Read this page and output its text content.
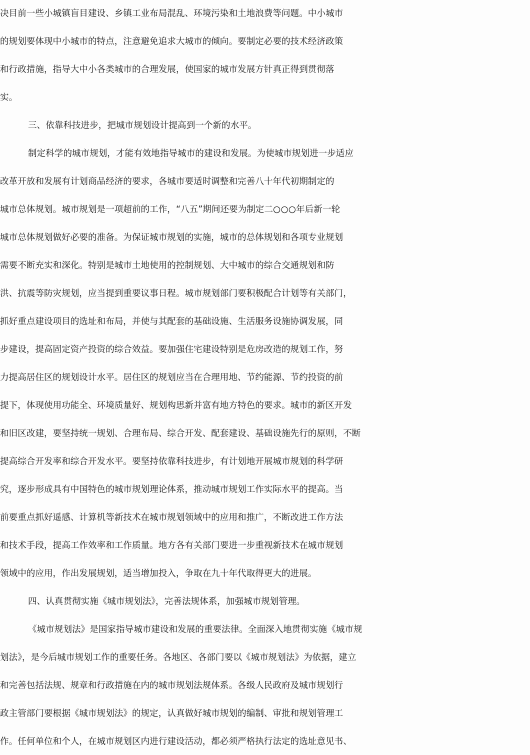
决目前一些小城镇盲目建设、乡镇工业布局混乱、环境污染和土地浪费等问题。中小城市
的规划要体现中小城市的特点，注意避免追求大城市的倾向。要制定必要的技术经济政策
和行政措施，指导大中小各类城市的合理发展，使国家的城市发展方针真正得到贯彻落
实。
三、依靠科技进步，把城市规划设计提高到一个新的水平。
制定科学的城市规划，才能有效地指导城市的建设和发展。为使城市规划进一步适应
改革开放和发展有计划商品经济的要求，各城市要适时调整和完善八十年代初期制定的
城市总体规划。城市规划是一项超前的工作，“八五”期间还要为制定二○○○年后新一轮
城市总体规划做好必要的准备。为保证城市规划的实施，城市的总体规划和各项专业规划
需要不断充实和深化。特别是城市土地使用的控制规划、大中城市的综合交通规划和防
洪、抗震等防灾规划，应当提到重要议事日程。城市规划部门要积极配合计划等有关部门，
抓好重点建设项目的选址和布局，并使与其配套的基础设施、生活服务设施协调发展，同
步建设，提高固定资产投资的综合效益。要加强住宅建设特别是危房改造的规划工作，努
力提高居住区的规划设计水平。居住区的规划应当在合理用地、节约能源、节约投资的前
提下，体现使用功能全、环境质量好、规划构思新并富有地方特色的要求。城市的新区开发
和旧区改建，要坚持统一规划、合理布局、综合开发、配套建设、基础设施先行的原则，不断
提高综合开发率和综合开发水平。要坚持依靠科技进步，有计划地开展城市规划的科学研
究，逐步形成具有中国特色的城市规划理论体系，推动城市规划工作实际水平的提高。当
前要重点抓好遥感、计算机等新技术在城市规划领域中的应用和推广，不断改进工作方法
和技术手段，提高工作效率和工作质量。地方各有关部门要进一步重视新技术在城市规划
领域中的应用，作出发展规划，适当增加投入，争取在九十年代取得更大的进展。
四、认真贯彻实施《城市规划法》，完善法规体系，加强城市规划管理。
《城市规划法》是国家指导城市建设和发展的重要法律。全面深入地贯彻实施《城市规
划法》，是今后城市规划工作的重要任务。各地区、各部门要以《城市规划法》为依据，建立
和完善包括法规、规章和行政措施在内的城市规划法规体系。各级人民政府及城市规划行
政主管部门要根据《城市规划法》的规定，认真做好城市规划的编制、审批和规划管理工
作。任何单位和个人，在城市规划区内进行建设活动，都必须严格执行法定的选址意见书、
